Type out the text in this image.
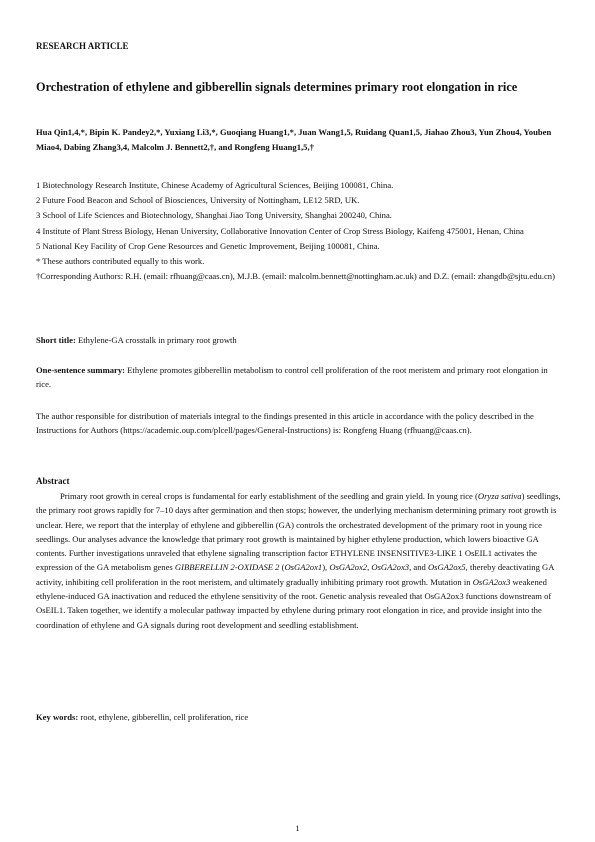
RESEARCH ARTICLE
Orchestration of ethylene and gibberellin signals determines primary root elongation in rice
Hua Qin1,4,*, Bipin K. Pandey2,*, Yuxiang Li3,*, Guoqiang Huang1,*, Juan Wang1,5, Ruidang Quan1,5, Jiahao Zhou3, Yun Zhou4, Youben Miao4, Dabing Zhang3,4, Malcolm J. Bennett2,†, and Rongfeng Huang1,5,†

1 Biotechnology Research Institute, Chinese Academy of Agricultural Sciences, Beijing 100081, China.

2 Future Food Beacon and School of Biosciences, University of Nottingham, LE12 5RD, UK.

3 School of Life Sciences and Biotechnology, Shanghai Jiao Tong University, Shanghai 200240, China.

4 Institute of Plant Stress Biology, Henan University, Collaborative Innovation Center of Crop Stress Biology, Kaifeng 475001, Henan, China

5 National Key Facility of Crop Gene Resources and Genetic Improvement, Beijing 100081, China.

* These authors contributed equally to this work.

†Corresponding Authors: R.H. (email: rfhuang@caas.cn), M.J.B. (email: malcolm.bennett@nottingham.ac.uk) and D.Z. (email: zhangdb@sjtu.edu.cn)

Short title: Ethylene-GA crosstalk in primary root growth
One-sentence summary: Ethylene promotes gibberellin metabolism to control cell proliferation of the root meristem and primary root elongation in rice.
The author responsible for distribution of materials integral to the findings presented in this article in accordance with the policy described in the Instructions for Authors (https://academic.oup.com/plcell/pages/General-Instructions) is: Rongfeng Huang (rfhuang@caas.cn).
Abstract
Primary root growth in cereal crops is fundamental for early establishment of the seedling and grain yield. In young rice (Oryza sativa) seedlings, the primary root grows rapidly for 7–10 days after germination and then stops; however, the underlying mechanism determining primary root growth is unclear. Here, we report that the interplay of ethylene and gibberellin (GA) controls the orchestrated development of the primary root in young rice seedlings. Our analyses advance the knowledge that primary root growth is maintained by higher ethylene production, which lowers bioactive GA contents. Further investigations unraveled that ethylene signaling transcription factor ETHYLENE INSENSITIVE3-LIKE 1 OsEIL1 activates the expression of the GA metabolism genes GIBBERELLIN 2-OXIDASE 2 (OsGA2ox1), OsGA2ox2, OsGA2ox3, and OsGA2ox5, thereby deactivating GA activity, inhibiting cell proliferation in the root meristem, and ultimately gradually inhibiting primary root growth. Mutation in OsGA2ox3 weakened ethylene-induced GA inactivation and reduced the ethylene sensitivity of the root. Genetic analysis revealed that OsGA2ox3 functions downstream of OsEIL1. Taken together, we identify a molecular pathway impacted by ethylene during primary root elongation in rice, and provide insight into the coordination of ethylene and GA signals during root development and seedling establishment.
Key words: root, ethylene, gibberellin, cell proliferation, rice
1
